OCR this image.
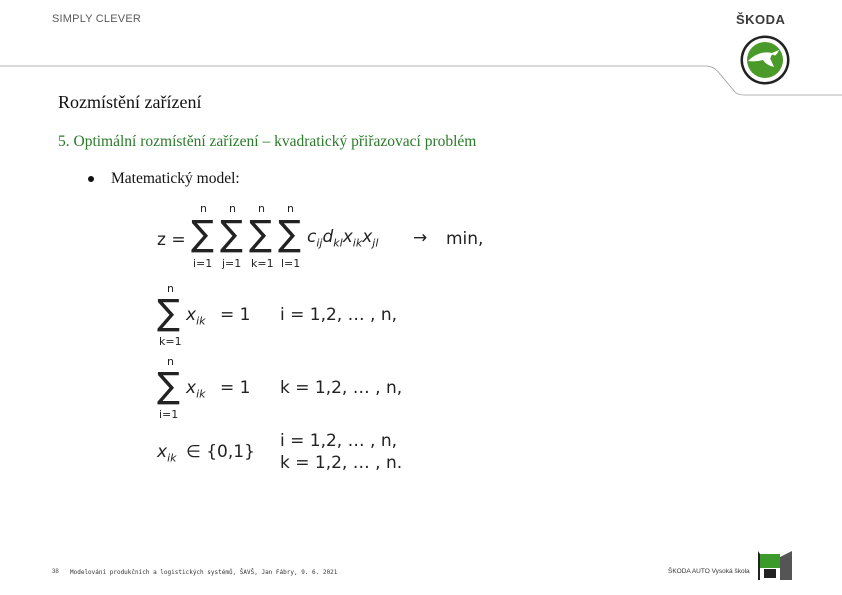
SIMPLY CLEVER	ŠKODA
Rozmístění zařízení
5. Optimální rozmístění zařízení – kvadratický přiřazovací problém
Matematický model:
z =
n
∑
i=1
n
∑
j=1
n
∑
k=1
n
∑
l=1
$c_{ij}d_{kl}x_{ik}x_{jl} \to \min$,
n
∑
k=1
$x_{ik} = 1$ i = 1,2, … , n,
n
∑
i=1
$x_{ik} = 1$ k = 1,2, … , n,
$x_{ik}$ ∈ {0,1}
i = 1,2, … , n,
k = 1,2, … , n.
38 Modelování produkčních a logistických systémů, ŠAVŠ, Jan Fábry, 9. 6. 2021	ŠKODA AUTO Vysoká škola
